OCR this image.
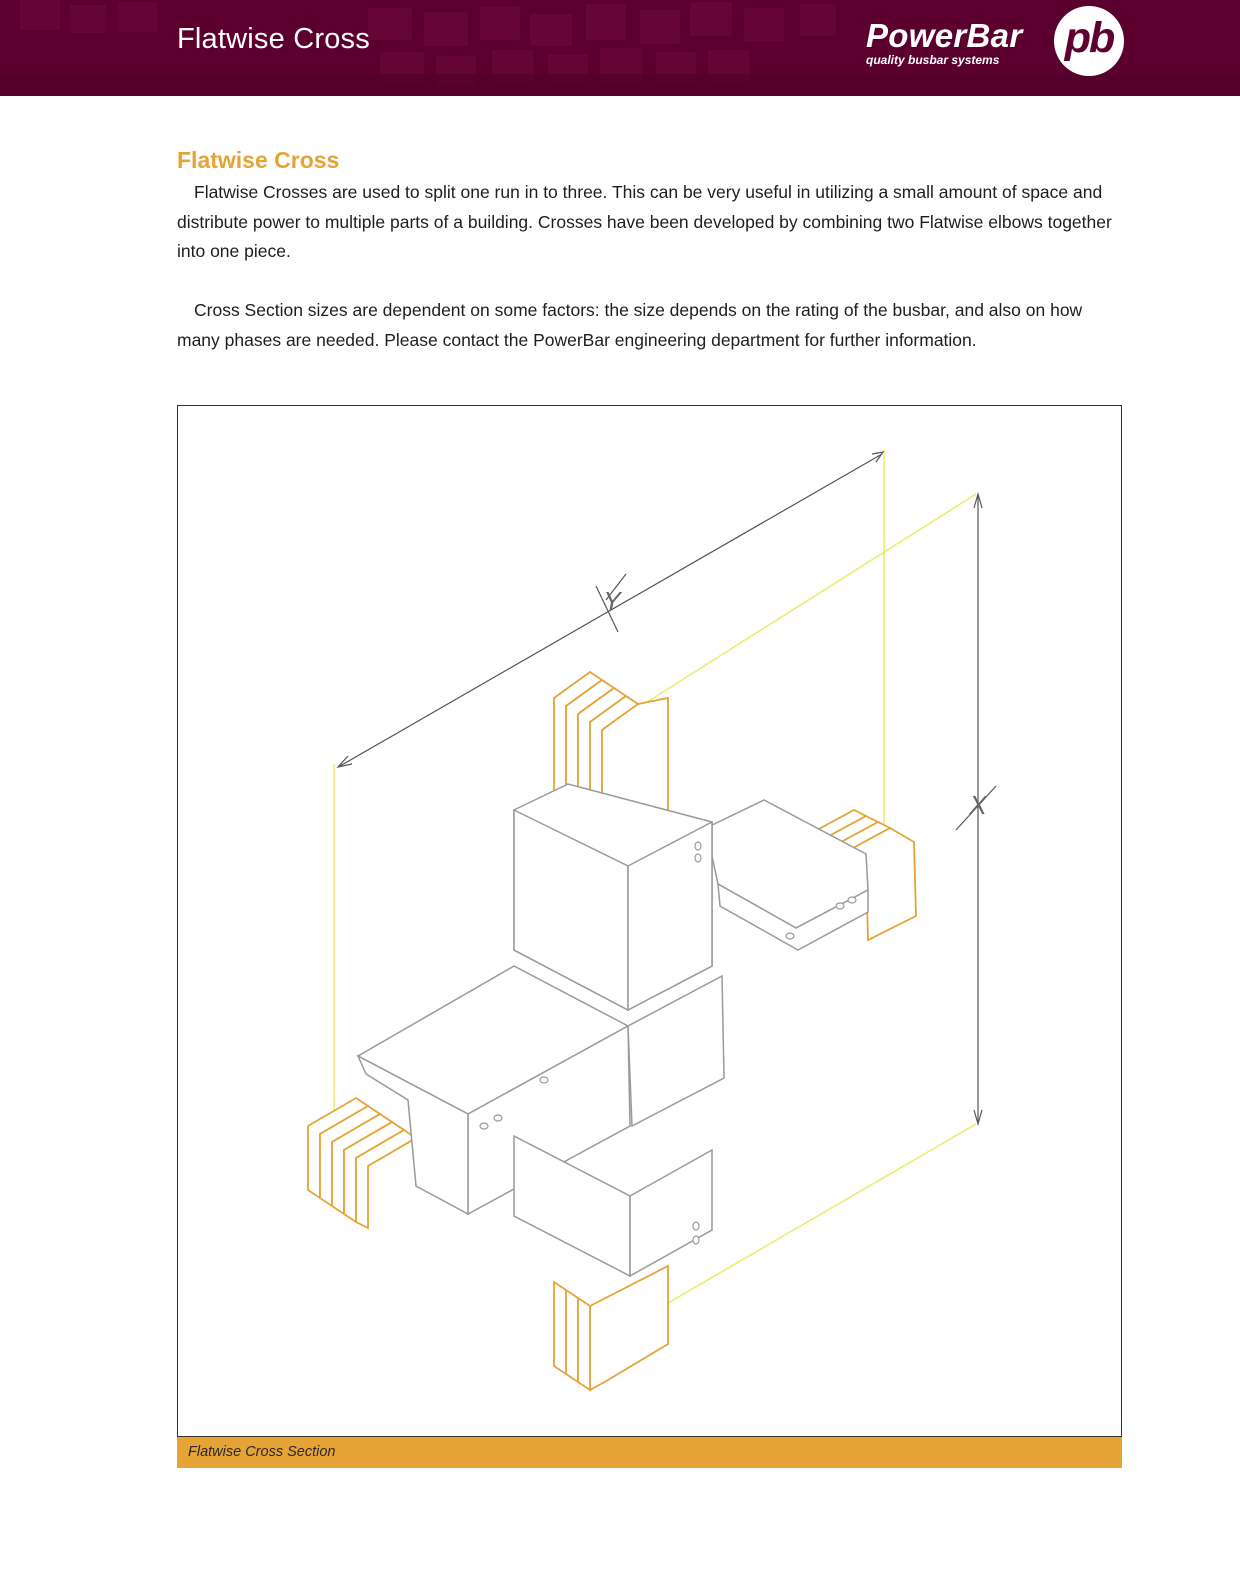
Flatwise Cross	PowerBar
quality busbar systems pb
Flatwise Cross
Flatwise Crosses are used to split one run in to three. This can be very useful in utilizing a small amount of space and distribute power to multiple parts of a building. Crosses have been developed by combining two Flatwise elbows together into one piece.
Cross Section sizes are dependent on some factors: the size depends on the rating of the busbar, and also on how many phases are needed. Please contact the PowerBar engineering department for further information.
Y
X
Flatwise Cross Section
